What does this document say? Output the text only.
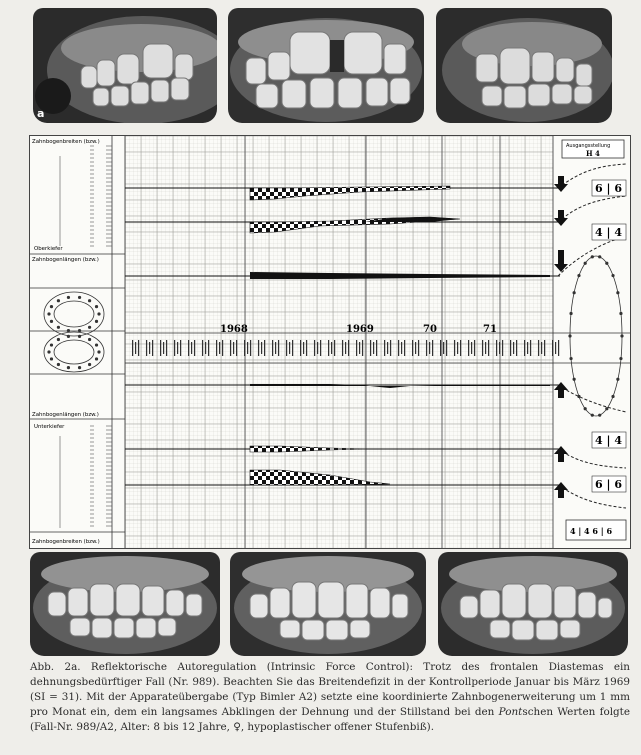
a
Zahnbogenbreiten (bzw.)
Oberkiefer
Zahnbogenlängen (bzw.)
Zahnbogenlängen (bzw.)
Unterkiefer
Zahnbogenbreiten (bzw.)
1968	1969	70	71
Ausgangsstellung
H 4
6 | 6
4 | 4
4 | 4
6 | 6
4 | 4 6 | 6
Abb. 2a. Reflektorische Autoregulation (Intrinsic Force Control): Trotz des frontalen Diastemas ein dehnungsbedürftiger Fall (Nr. 989). Beachten Sie das Breitendefizit in der Kontrollperiode Januar bis März 1969 (SI = 31). Mit der Apparateübergabe (Typ Bimler A2) setzte eine koordinierte Zahnbogenerweiterung um 1 mm pro Monat ein, dem ein langsames Abklingen der Dehnung und der Stillstand bei den Pontschen Werten folgte (Fall-Nr. 989/A2, Alter: 8 bis 12 Jahre, ♀, hypoplastischer offener Stufenbiß).
